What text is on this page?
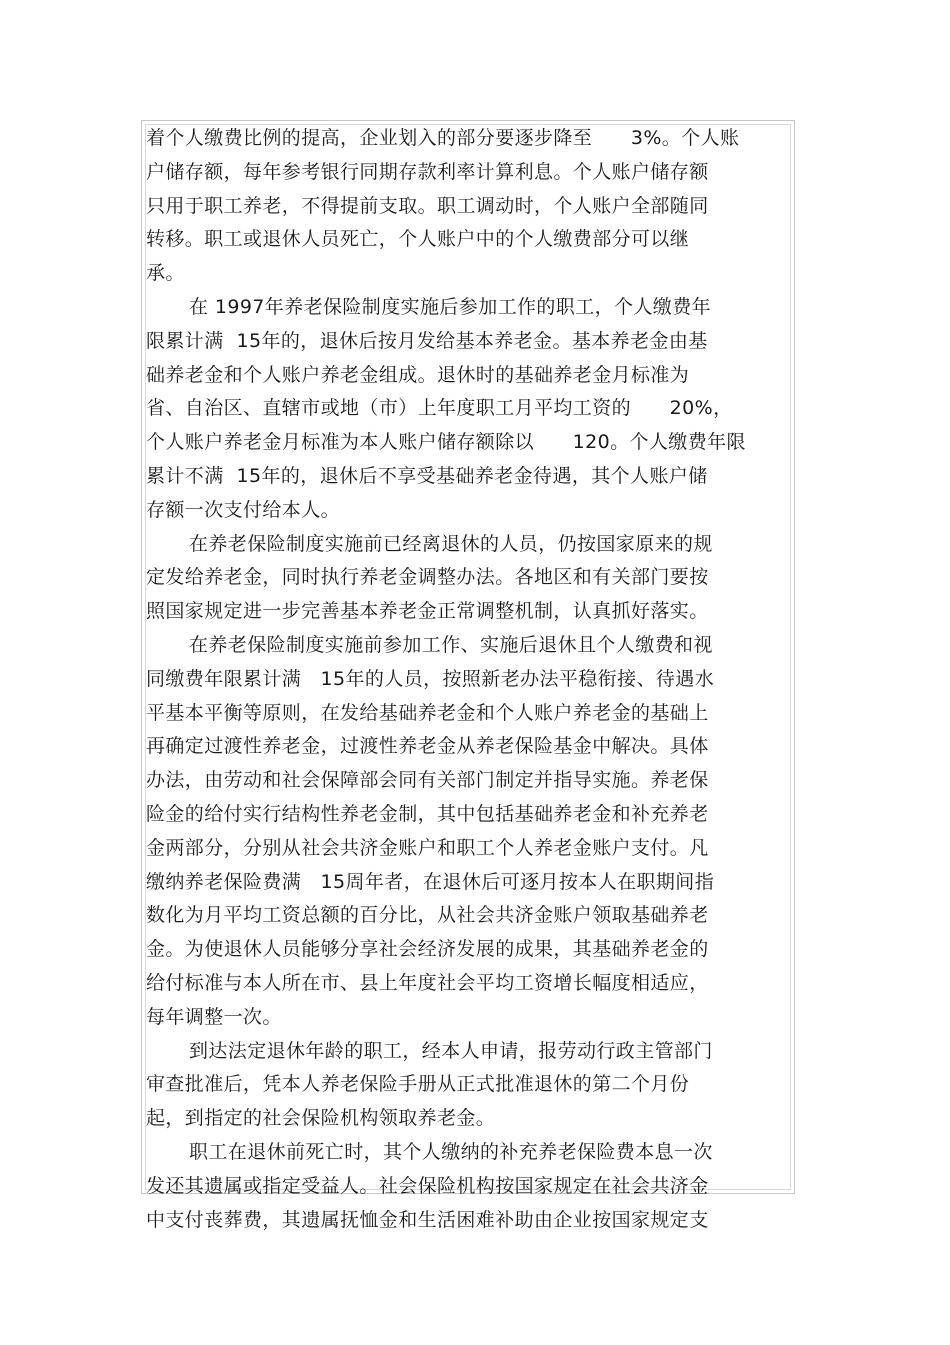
着个人缴费比例的提高，企业划入的部分要逐步降至      3%。个人账
户储存额，每年参考银行同期存款利率计算利息。个人账户储存额
只用于职工养老，不得提前支取。职工调动时，个人账户全部随同
转移。职工或退休人员死亡，个人账户中的个人缴费部分可以继
承。
在 1997年养老保险制度实施后参加工作的职工，个人缴费年
限累计满  15年的，退休后按月发给基本养老金。基本养老金由基
础养老金和个人账户养老金组成。退休时的基础养老金月标准为
省、自治区、直辖市或地（市）上年度职工月平均工资的      20%，
个人账户养老金月标准为本人账户储存额除以      120。个人缴费年限
累计不满  15年的，退休后不享受基础养老金待遇，其个人账户储
存额一次支付给本人。
在养老保险制度实施前已经离退休的人员，仍按国家原来的规
定发给养老金，同时执行养老金调整办法。各地区和有关部门要按
照国家规定进一步完善基本养老金正常调整机制，认真抓好落实。
在养老保险制度实施前参加工作、实施后退休且个人缴费和视
同缴费年限累计满   15年的人员，按照新老办法平稳衔接、待遇水
平基本平衡等原则，在发给基础养老金和个人账户养老金的基础上
再确定过渡性养老金，过渡性养老金从养老保险基金中解决。具体
办法，由劳动和社会保障部会同有关部门制定并指导实施。养老保
险金的给付实行结构性养老金制，其中包括基础养老金和补充养老
金两部分，分别从社会共济金账户和职工个人养老金账户支付。凡
缴纳养老保险费满   15周年者，在退休后可逐月按本人在职期间指
数化为月平均工资总额的百分比，从社会共济金账户领取基础养老
金。为使退休人员能够分享社会经济发展的成果，其基础养老金的
给付标准与本人所在市、县上年度社会平均工资增长幅度相适应，
每年调整一次。
到达法定退休年龄的职工，经本人申请，报劳动行政主管部门
审查批准后，凭本人养老保险手册从正式批准退休的第二个月份
起，到指定的社会保险机构领取养老金。
职工在退休前死亡时，其个人缴纳的补充养老保险费本息一次
发还其遗属或指定受益人。社会保险机构按国家规定在社会共济金
中支付丧葬费，其遗属抚恤金和生活困难补助由企业按国家规定支
